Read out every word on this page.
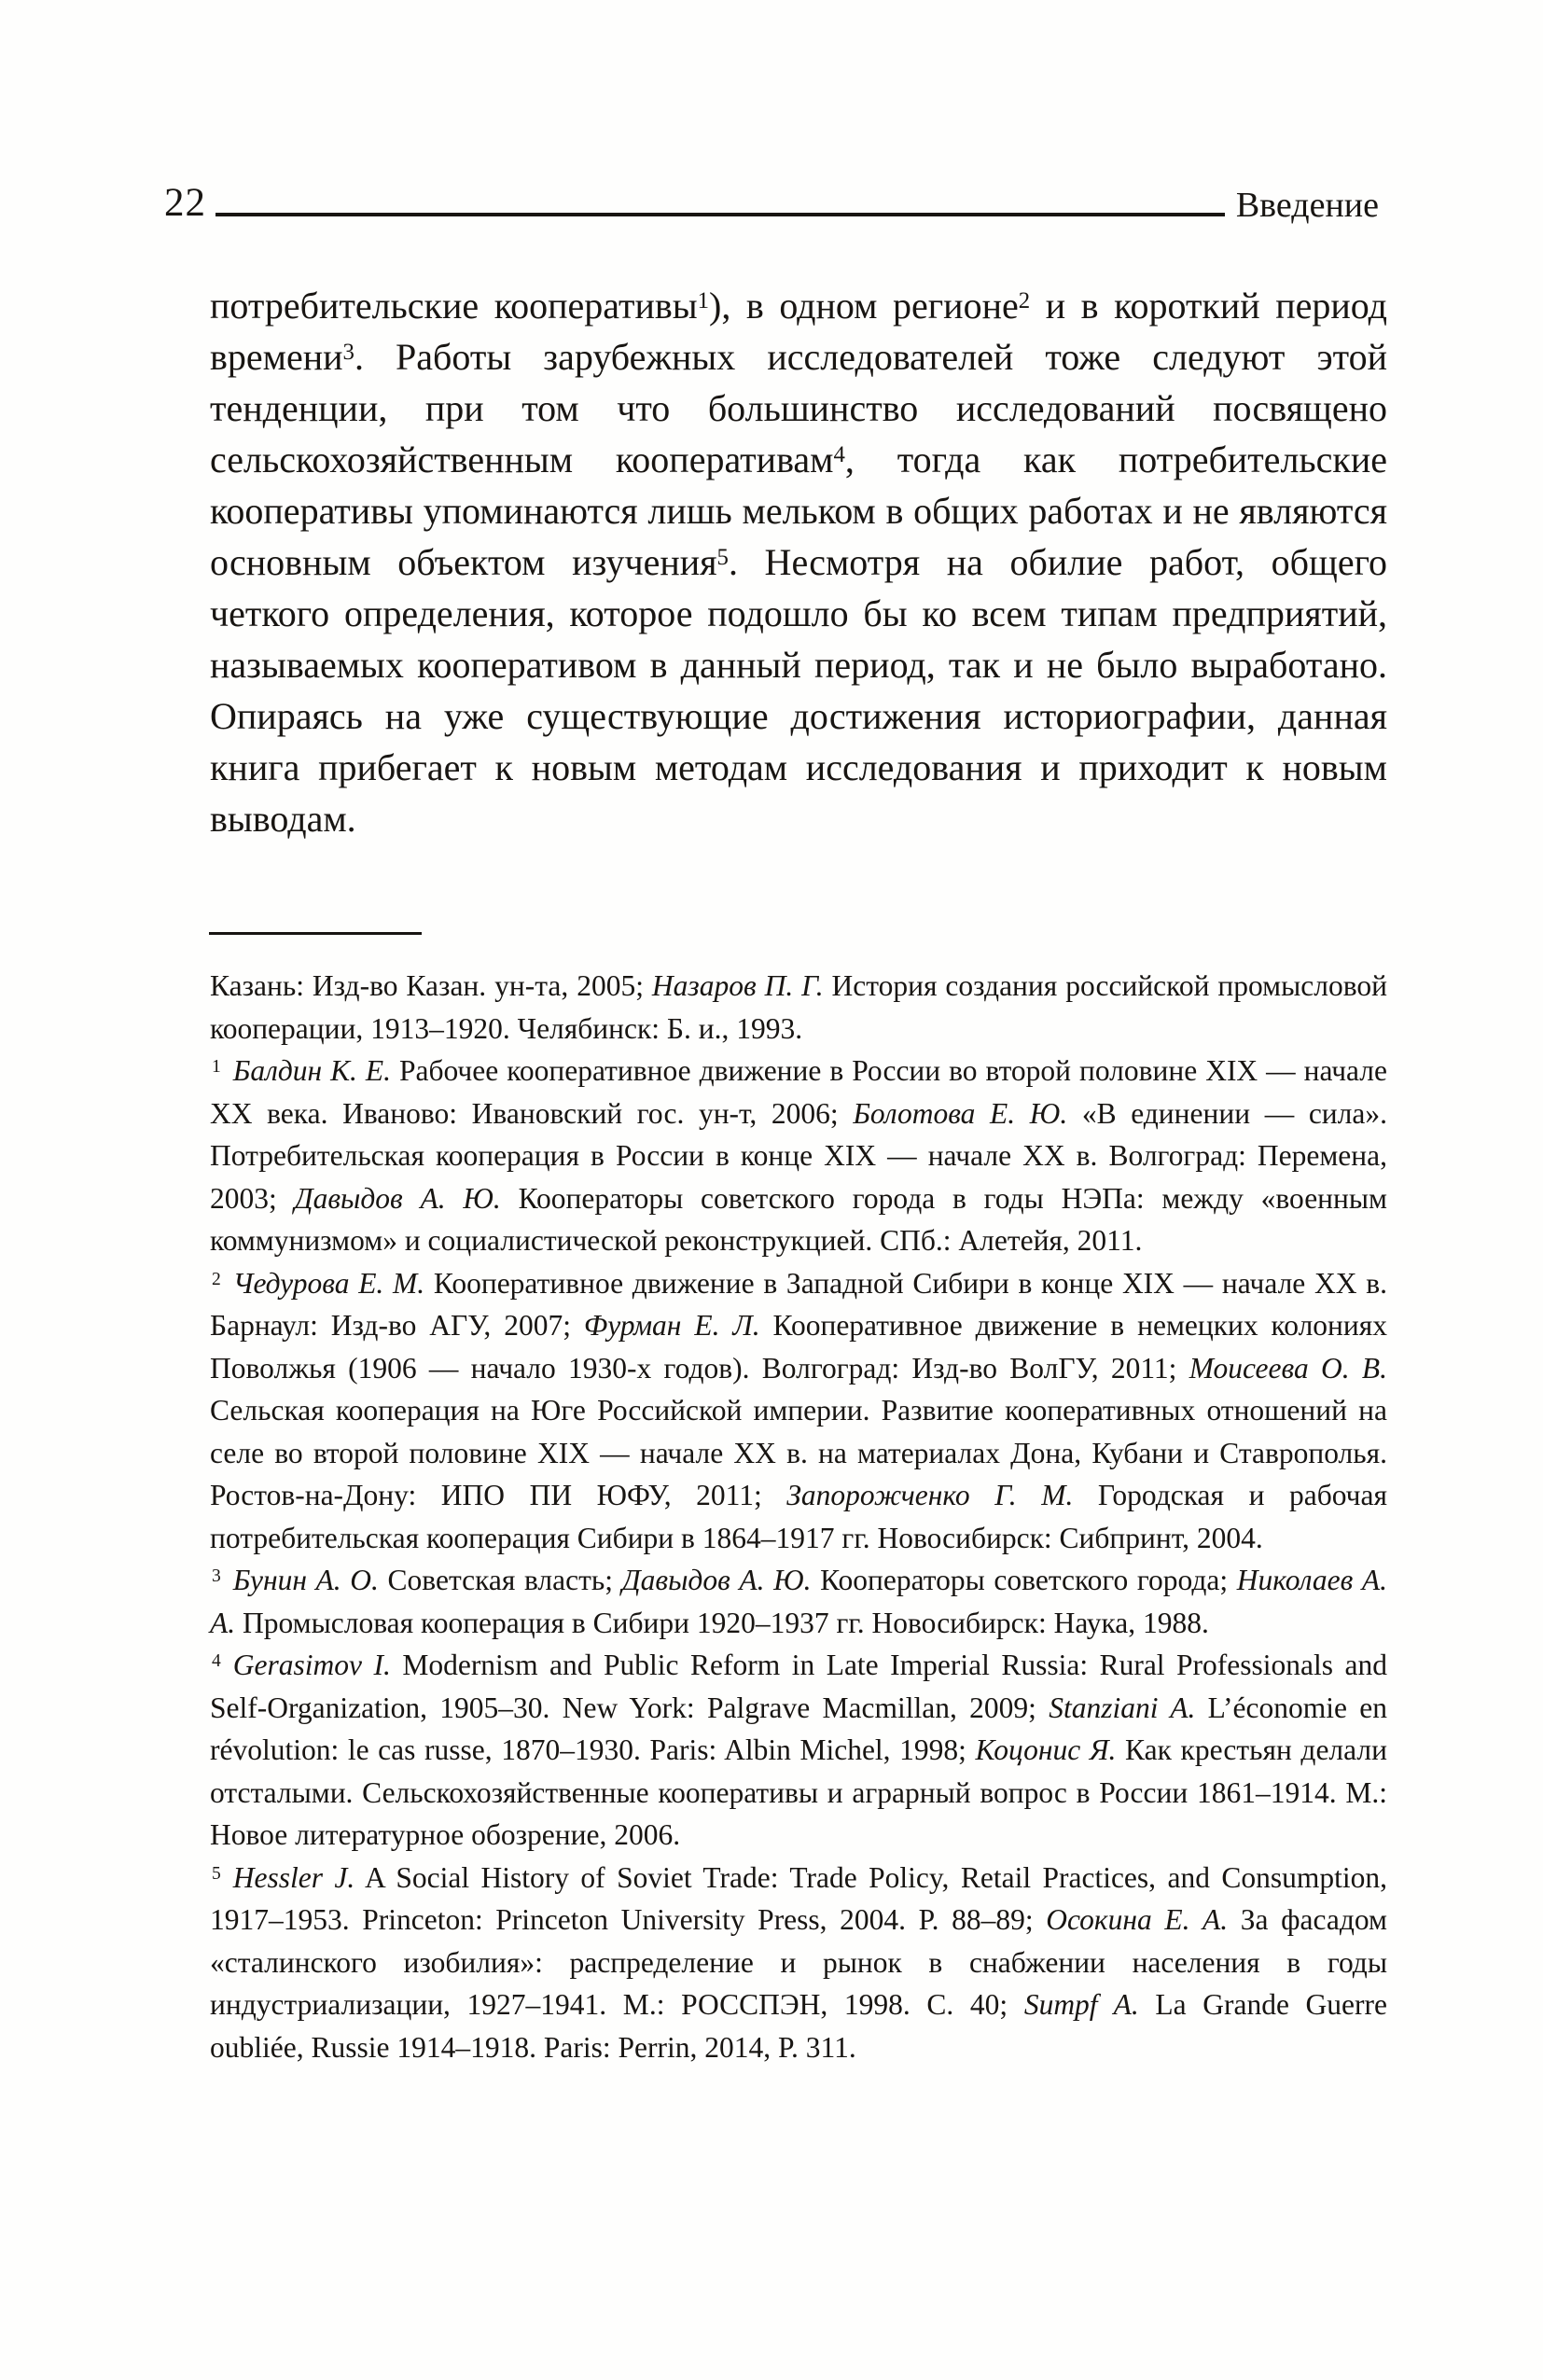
22	Введение

потребительские кооперативы$^1$), в одном регионе$^2$ и в короткий период времени$^3$. Работы зарубежных исследователей тоже следуют этой тенденции, при том что большинство исследований посвящено сельскохозяйственным кооперативам$^4$, тогда как потребительские кооперативы упоминаются лишь мельком в общих работах и не являются основным объектом изучения$^5$. Несмотря на обилие работ, общего четкого определения, которое подошло бы ко всем типам предприятий, называемых кооперативом в данный период, так и не было выработано. Опираясь на уже существующие достижения историографии, данная книга прибегает к новым методам исследования и приходит к новым выводам.

Казань: Изд-во Казан. ун-та, 2005; Назаров П. Г. История создания российской промысловой кооперации, 1913–1920. Челябинск: Б. и., 1993.

$^1$ Балдин К. Е. Рабочее кооперативное движение в России во второй половине XIX — начале XX века. Иваново: Ивановский гос. ун-т, 2006; Болотова Е. Ю. «В единении — сила». Потребительская кооперация в России в конце XIX — начале XX в. Волгоград: Перемена, 2003; Давыдов А. Ю. Кооператоры советского города в годы НЭПа: между «военным коммунизмом» и социалистической реконструкцией. СПб.: Алетейя, 2011.

$^2$ Чедурова Е. М. Кооперативное движение в Западной Сибири в конце XIX — начале XX в. Барнаул: Изд-во АГУ, 2007; Фурман Е. Л. Кооперативное движение в немецких колониях Поволжья (1906 — начало 1930-х годов). Волгоград: Изд-во ВолГУ, 2011; Моисеева О. В. Сельская кооперация на Юге Российской империи. Развитие кооперативных отношений на селе во второй половине XIX — начале XX в. на материалах Дона, Кубани и Ставрополья. Ростов-на-Дону: ИПО ПИ ЮФУ, 2011; Запорожченко Г. М. Городская и рабочая потребительская кооперация Сибири в 1864–1917 гг. Новосибирск: Сибпринт, 2004.

$^3$ Бунин А. О. Советская власть; Давыдов А. Ю. Кооператоры советского города; Николаев А. А. Промысловая кооперация в Сибири 1920–1937 гг. Новосибирск: Наука, 1988.

$^4$ Gerasimov I. Modernism and Public Reform in Late Imperial Russia: Rural Professionals and Self-Organization, 1905–30. New York: Palgrave Macmillan, 2009; Stanziani A. L’économie en révolution: le cas russe, 1870–1930. Paris: Albin Michel, 1998; Коцонис Я. Как крестьян делали отсталыми. Сельскохозяйственные кооперативы и аграрный вопрос в России 1861–1914. М.: Новое литературное обозрение, 2006.

$^5$ Hessler J. A Social History of Soviet Trade: Trade Policy, Retail Practices, and Consumption, 1917–1953. Princeton: Princeton University Press, 2004. P. 88–89; Осокина Е. А. За фасадом «сталинского изобилия»: распределение и рынок в снабжении населения в годы индустриализации, 1927–1941. М.: РОССПЭН, 1998. С. 40; Sumpf A. La Grande Guerre oubliée, Russie 1914–1918. Paris: Perrin, 2014, P. 311.
